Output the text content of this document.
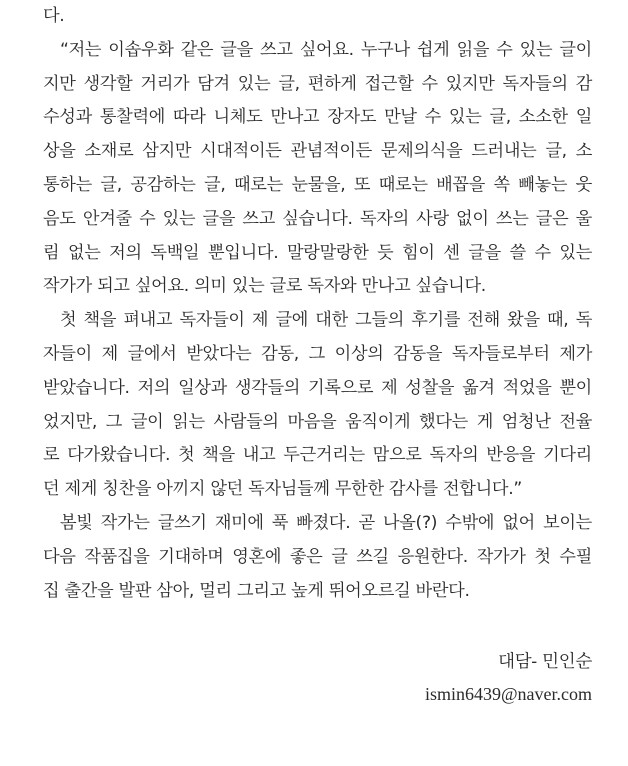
다.
“저는 이솝우화 같은 글을 쓰고 싶어요. 누구나 쉽게 읽을 수 있는 글이
지만 생각할 거리가 담겨 있는 글, 편하게 접근할 수 있지만 독자들의 감
수성과 통찰력에 따라 니체도 만나고 장자도 만날 수 있는 글, 소소한 일
상을 소재로 삼지만 시대적이든 관념적이든 문제의식을 드러내는 글, 소
통하는 글, 공감하는 글, 때로는 눈물을, 또 때로는 배꼽을 쏙 빼놓는 웃
음도 안겨줄 수 있는 글을 쓰고 싶습니다. 독자의 사랑 없이 쓰는 글은 울
림 없는 저의 독백일 뿐입니다. 말랑말랑한 듯 힘이 센 글을 쓸 수 있는
작가가 되고 싶어요. 의미 있는 글로 독자와 만나고 싶습니다.
첫 책을 펴내고 독자들이 제 글에 대한 그들의 후기를 전해 왔을 때, 독
자들이 제 글에서 받았다는 감동, 그 이상의 감동을 독자들로부터 제가
받았습니다. 저의 일상과 생각들의 기록으로 제 성찰을 옮겨 적었을 뿐이
었지만, 그 글이 읽는 사람들의 마음을 움직이게 했다는 게 엄청난 전율
로 다가왔습니다. 첫 책을 내고 두근거리는 맘으로 독자의 반응을 기다리
던 제게 칭찬을 아끼지 않던 독자님들께 무한한 감사를 전합니다.”
봄빛 작가는 글쓰기 재미에 푹 빠졌다. 곧 나올(?) 수밖에 없어 보이는
다음 작품집을 기대하며 영혼에 좋은 글 쓰길 응원한다. 작가가 첫 수필
집 출간을 발판 삼아, 멀리 그리고 높게 뛰어오르길 바란다.
대담- 민인순
ismin6439@naver.com
